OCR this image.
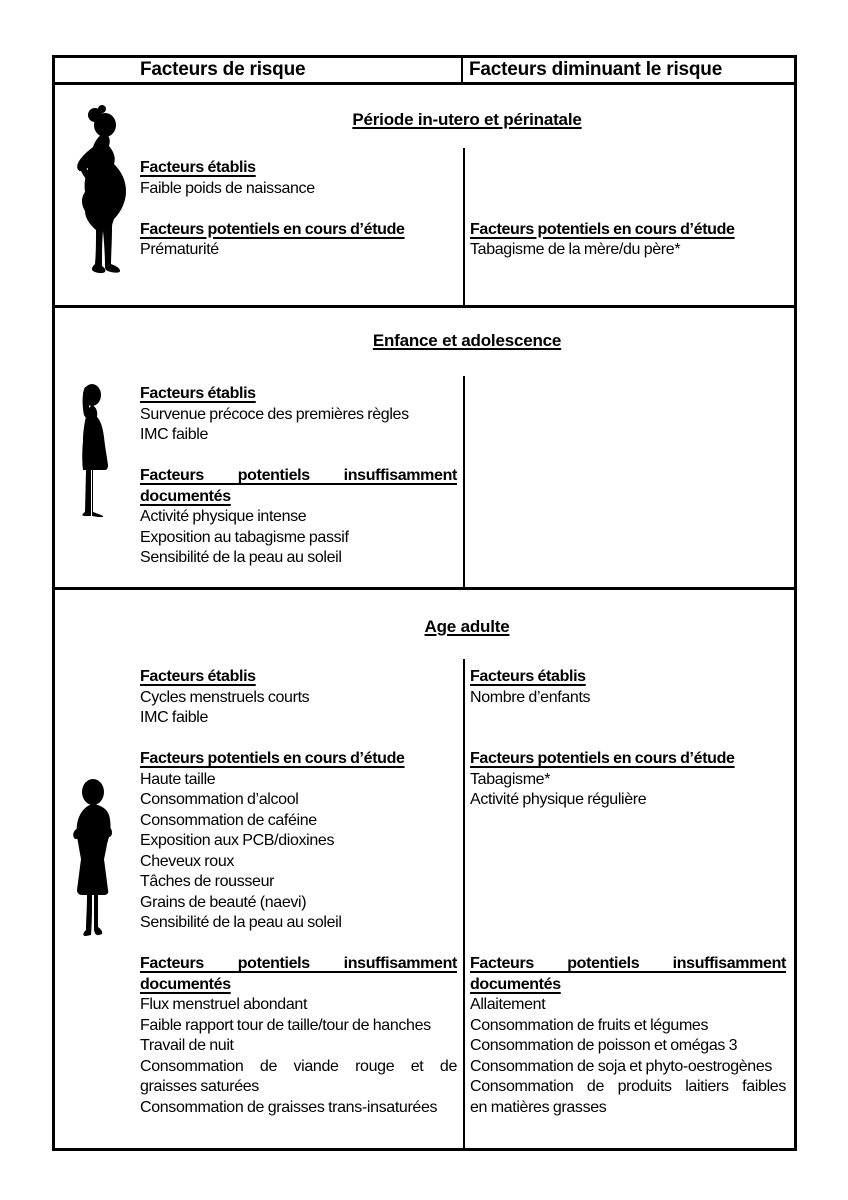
Facteurs de risque	Facteurs diminuant le risque
Période in-utero et périnatale
Facteurs établis
Faible poids de naissance
Facteurs potentiels en cours d’étude
Prématurité
Facteurs potentiels en cours d’étude
Tabagisme de la mère/du père*
Enfance et adolescence
Facteurs établis
Survenue précoce des premières règles
IMC faible
Facteurs potentiels insuffisamment
documentés
Activité physique intense
Exposition au tabagisme passif
Sensibilité de la peau au soleil
Age adulte
Facteurs établis
Cycles menstruels courts
IMC faible
Facteurs potentiels en cours d’étude
Haute taille
Consommation d’alcool
Consommation de caféine
Exposition aux PCB/dioxines
Cheveux roux
Tâches de rousseur
Grains de beauté (naevi)
Sensibilité de la peau au soleil
Facteurs potentiels insuffisamment
documentés
Flux menstruel abondant
Faible rapport tour de taille/tour de hanches
Travail de nuit
Consommation de viande rouge et de
graisses saturées
Consommation de graisses trans-insaturées
Facteurs établis
Nombre d’enfants
Facteurs potentiels en cours d’étude
Tabagisme*
Activité physique régulière
Facteurs potentiels insuffisamment
documentés
Allaitement
Consommation de fruits et légumes
Consommation de poisson et omégas 3
Consommation de soja et phyto-oestrogènes
Consommation de produits laitiers faibles
en matières grasses
